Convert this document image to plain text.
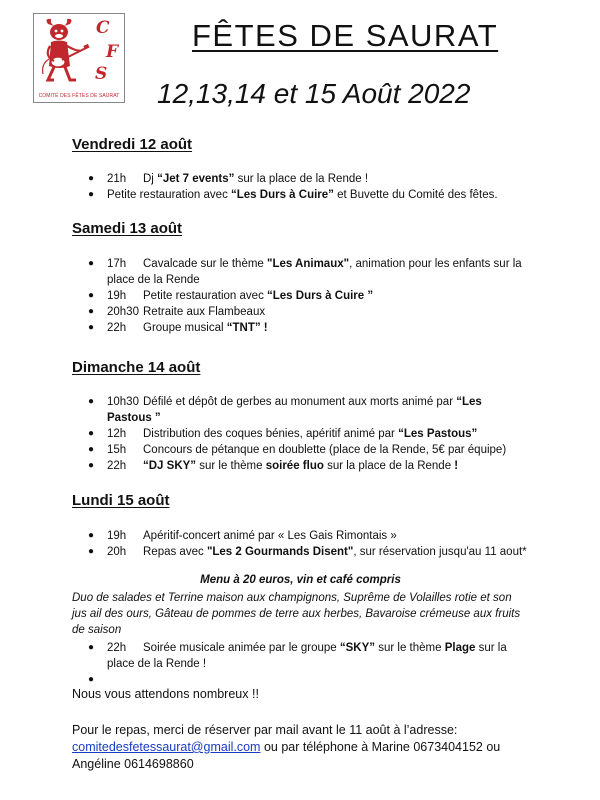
C
F
S
COMITÉ DES FÊTES DE SAURAT
FÊTES DE SAURAT
12,13,14 et 15 Août 2022
Vendredi 12 août
● 21h	Dj “Jet 7 events” sur la place de la Rende !
●	Petite restauration avec “Les Durs à Cuire” et Buvette du Comité des fêtes.
Samedi 13 août
● 17h	Cavalcade sur le thème "Les Animaux", animation pour les enfants sur la place de la Rende
● 19h	Petite restauration avec “Les Durs à Cuire ”
● 20h30 Retraite aux Flambeaux
● 22h	Groupe musical “TNT” !
Dimanche 14 août
● 10h30 Défilé et dépôt de gerbes au monument aux morts animé par “Les Pastous ”
● 12h	Distribution des coques bénies, apéritif animé par “Les Pastous”
● 15h	Concours de pétanque en doublette (place de la Rende, 5€ par équipe)
● 22h	“DJ SKY” sur le thème soirée fluo sur la place de la Rende !
Lundi 15 août
● 19h	Apéritif-concert animé par « Les Gais Rimontais »
● 20h	Repas avec "Les 2 Gourmands Disent", sur réservation jusqu'au 11 aout*
● 22h	Soirée musicale animée par le groupe “SKY” sur le thème Plage sur la place de la Rende !
●
Menu à 20 euros, vin et café compris
Duo de salades et Terrine maison aux champignons, Suprême de Volailles rotie et son jus ail des ours, Gâteau de pommes de terre aux herbes, Bavaroise crémeuse aux fruits de saison
Nous vous attendons nombreux !!
Pour le repas, merci de réserver par mail avant le 11 août à l’adresse:
comitedesfetessaurat@gmail.com ou par téléphone à Marine 0673404152 ou
Angéline 0614698860
